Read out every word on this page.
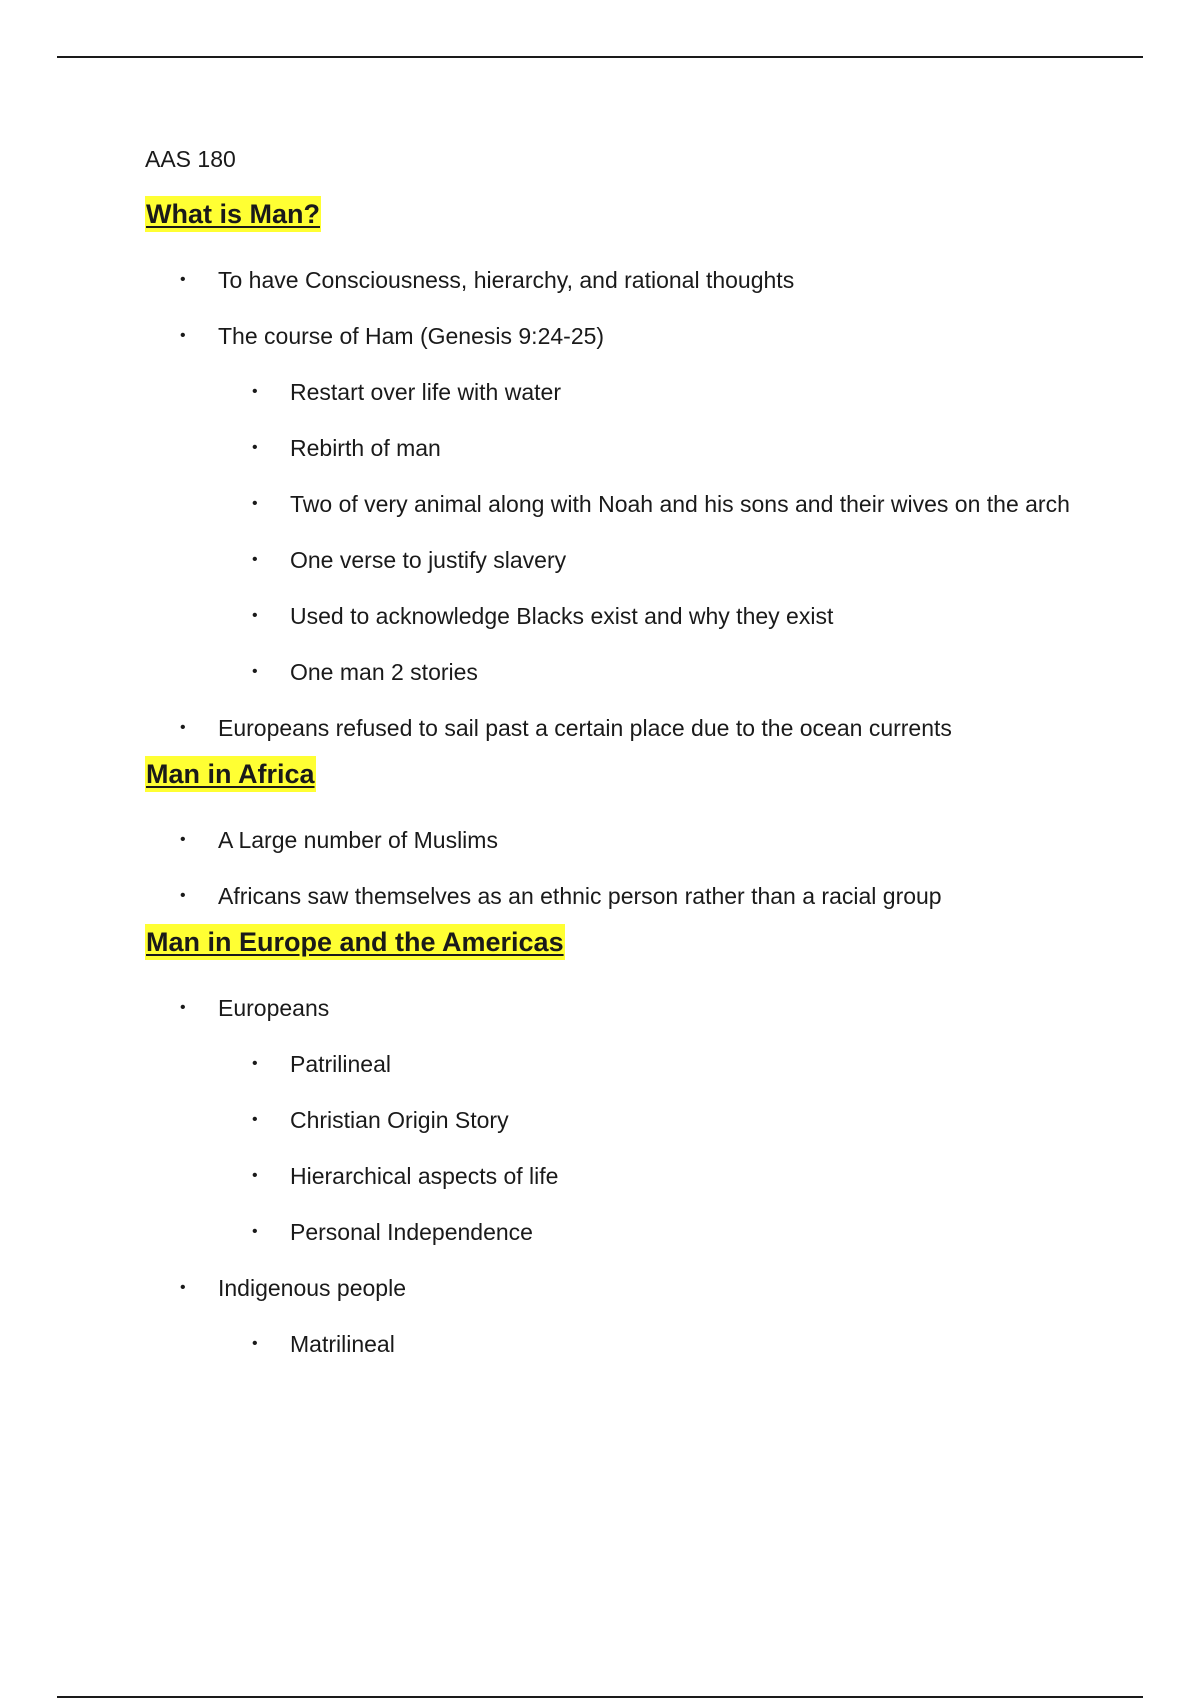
AAS 180
What is Man?
• To have Consciousness, hierarchy, and rational thoughts
• The course of Ham (Genesis 9:24-25)
• Restart over life with water
• Rebirth of man
• Two of very animal along with Noah and his sons and their wives on the arch
• One verse to justify slavery
• Used to acknowledge Blacks exist and why they exist
• One man 2 stories
• Europeans refused to sail past a certain place due to the ocean currents
Man in Africa
• A Large number of Muslims
• Africans saw themselves as an ethnic person rather than a racial group
Man in Europe and the Americas
• Europeans
• Patrilineal
• Christian Origin Story
• Hierarchical aspects of life
• Personal Independence
• Indigenous people
• Matrilineal
